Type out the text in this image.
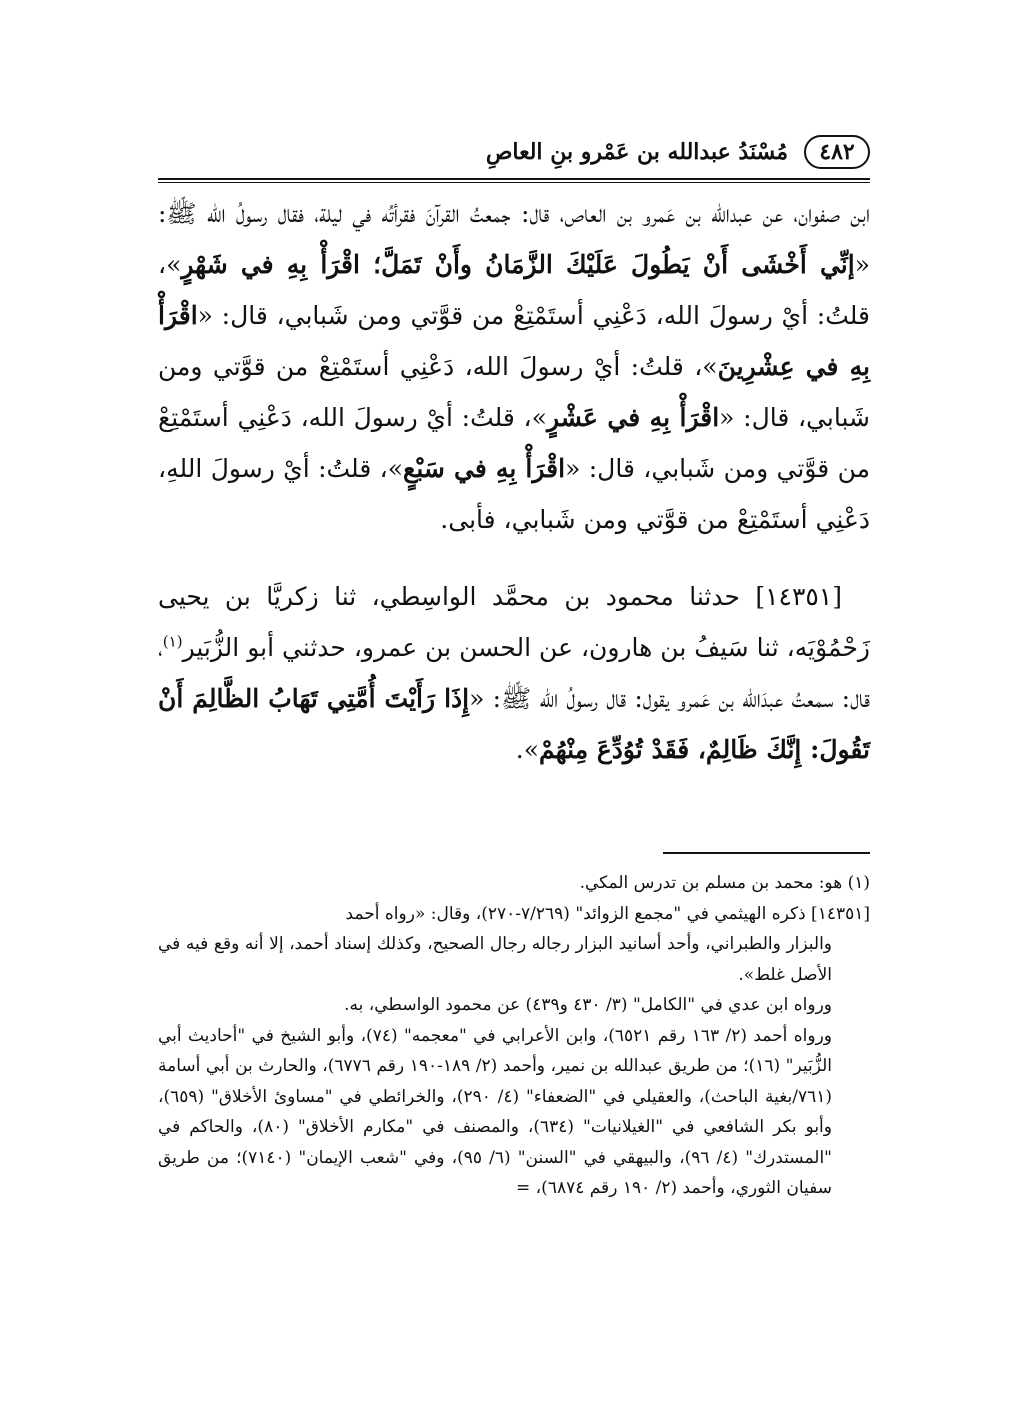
٤٨٢
مُسْنَدُ عبدالله بن عَمْرو بنِ العاصِ

ابن صفوان، عن عبدالله بن عَمرو بن العاص، قال: جمعتُ القرآنَ فقرأتُه في ليلة، فقال رسولُ الله ﷺ: «إنِّي أَخْشَى أَنْ يَطُولَ عَلَيْكَ الزَّمَانُ وأَنْ تَمَلَّ؛ اقْرَأْ بِهِ في شَهْرٍ»، قلتُ: أيْ رسولَ الله، دَعْنِي أستَمْتِعْ من قوَّتي ومن شَبابي، قال: «اقْرَأْ بِهِ في عِشْرِينَ»، قلتُ: أيْ رسولَ الله، دَعْنِي أستَمْتِعْ من قوَّتي ومن شَبابي، قال: «اقْرَأْ بِهِ في عَشْرٍ»، قلتُ: أيْ رسولَ الله، دَعْنِي أستَمْتِعْ من قوَّتي ومن شَبابي، قال: «اقْرَأْ بِهِ في سَبْعٍ»، قلتُ: أيْ رسولَ اللهِ، دَعْنِي أستَمْتِعْ من قوَّتي ومن شَبابي، فأبى.

[١٤٣٥١] حدثنا محمود بن محمَّد الواسِطي، ثنا زكريَّا بن يحيى زَحْمُوْيَه، ثنا سَيفُ بن هارون، عن الحسن بن عمرو، حدثني أبو الزُّبَير$^{(١)}$، قال: سمعتُ عبدَالله بن عَمرو يقول: قال رسولُ الله ﷺ: «إِذَا رَأَيْتَ أُمَّتِي تَهَابُ الظَّالِمَ أَنْ تَقُولَ: إِنَّكَ ظَالِمٌ، فَقَدْ تُوُدِّعَ مِنْهُمْ».

(١) هو: محمد بن مسلم بن تدرس المكي.

[١٤٣٥١] ذكره الهيثمي في "مجمع الزوائد" (٧/٢٦٩-٢٧٠)، وقال: «رواه أحمد

والبزار والطبراني، وأحد أسانيد البزار رجاله رجال الصحيح، وكذلك إسناد أحمد، إلا أنه وقع فيه في الأصل غلط».

ورواه ابن عدي في "الكامل" (٣/ ٤٣٠ و٤٣٩) عن محمود الواسطي، به.

ورواه أحمد (٢/ ١٦٣ رقم ٦٥٢١)، وابن الأعرابي في "معجمه" (٧٤)، وأبو الشيخ في "أحاديث أبي الزُّبَير" (١٦)؛ من طريق عبدالله بن نمير، وأحمد (٢/ ١٨٩-١٩٠ رقم ٦٧٧٦)، والحارث بن أبي أسامة (٧٦١/بغية الباحث)، والعقيلي في "الضعفاء" (٤/ ٢٩٠)، والخرائطي في "مساوئ الأخلاق" (٦٥٩)، وأبو بكر الشافعي في "الغيلانيات" (٦٣٤)، والمصنف في "مكارم الأخلاق" (٨٠)، والحاكم في "المستدرك" (٤/ ٩٦)، والبيهقي في "السنن" (٦/ ٩٥)، وفي "شعب الإيمان" (٧١٤٠)؛ من طريق سفيان الثوري، وأحمد (٢/ ١٩٠ رقم ٦٨٧٤)، =
